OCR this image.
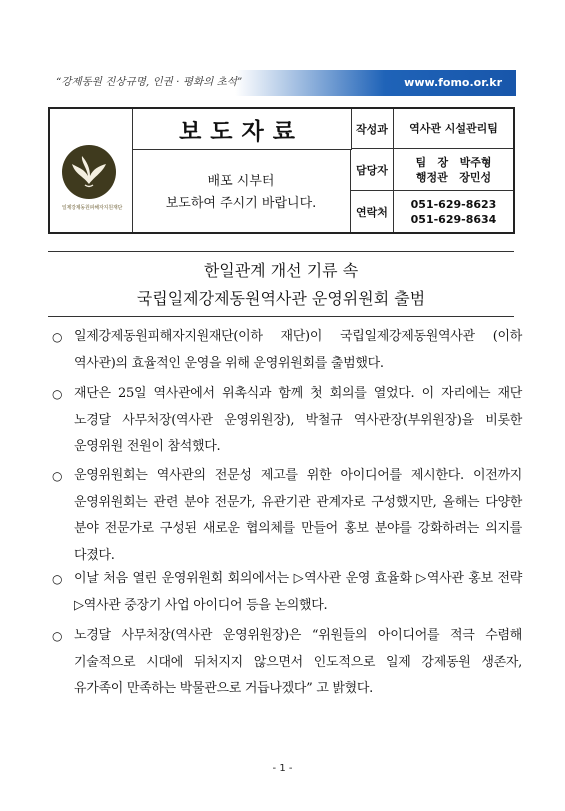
“강제동원 진상규명, 인권 · 평화의 초석”	www.fomo.or.kr
일제강제동원피해자지원재단
보도자료
배포 시부터
보도하여 주시기 바랍니다.
작성과	역사관 시설관리팀
담당자
팀   장   박주형
행정관   장민성
연락처
051-629-8623
051-629-8634
한일관계 개선 기류 속
국립일제강제동원역사관 운영위원회 출범
○ 일제강제동원피해자지원재단(이하 재단)이 국립일제강제동원역사관 (이하 역사관)의 효율적인 운영을 위해 운영위원회를 출범했다.
○ 재단은 25일 역사관에서 위촉식과 함께 첫 회의를 열었다. 이 자리에는 재단 노경달 사무처장(역사관 운영위원장), 박철규 역사관장(부위원장)을 비롯한 운영위원 전원이 참석했다.
○ 운영위원회는 역사관의 전문성 제고를 위한 아이디어를 제시한다. 이전까지 운영위원회는 관련 분야 전문가, 유관기관 관계자로 구성했지만, 올해는 다양한 분야 전문가로 구성된 새로운 협의체를 만들어 홍보 분야를 강화하려는 의지를 다졌다.
○ 이날 처음 열린 운영위원회 회의에서는 ▷역사관 운영 효율화 ▷역사관 홍보 전략 ▷역사관 중장기 사업 아이디어 등을 논의했다.
○ 노경달 사무처장(역사관 운영위원장)은 “위원들의 아이디어를 적극 수렴해 기술적으로 시대에 뒤처지지 않으면서 인도적으로 일제 강제동원 생존자, 유가족이 만족하는 박물관으로 거듭나겠다” 고 밝혔다.
- 1 -
